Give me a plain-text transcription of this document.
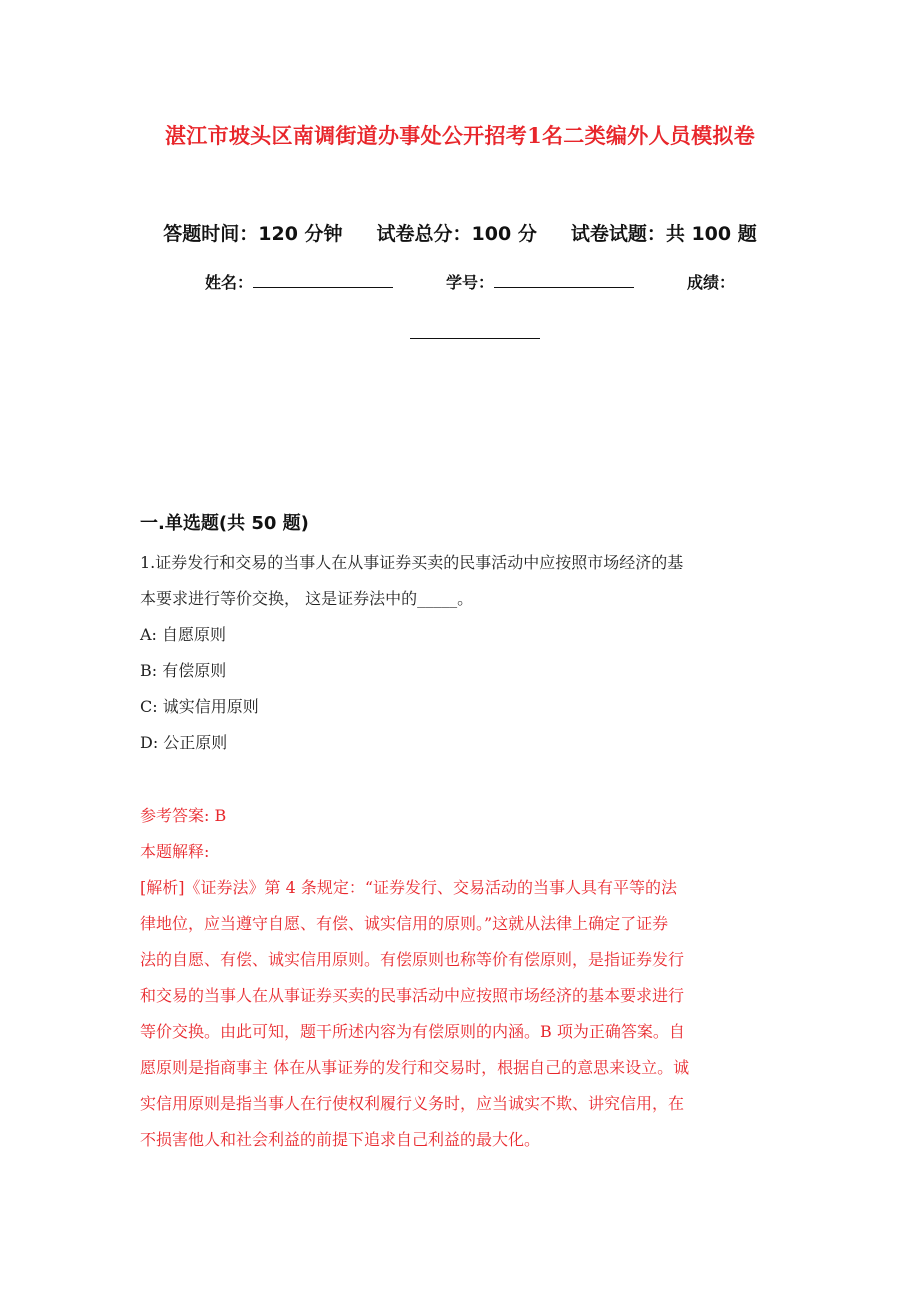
湛江市坡头区南调街道办事处公开招考1名二类编外人员模拟卷
答题时间：120 分钟 试卷总分：100 分 试卷试题：共 100 题
姓名：	学号：	成绩：
一.单选题(共 50 题)
1.证券发行和交易的当事人在从事证券买卖的民事活动中应按照市场经济的基
本要求进行等价交换， 这是证券法中的_____。
A: 自愿原则
B: 有偿原则
C: 诚实信用原则
D: 公正原则
参考答案: B
本题解释:
[解析]《证券法》第 4 条规定：“证券发行、交易活动的当事人具有平等的法
律地位，应当遵守自愿、有偿、诚实信用的原则。”这就从法律上确定了证券
法的自愿、有偿、诚实信用原则。有偿原则也称等价有偿原则，是指证券发行
和交易的当事人在从事证券买卖的民事活动中应按照市场经济的基本要求进行
等价交换。由此可知，题干所述内容为有偿原则的内涵。B 项为正确答案。自
愿原则是指商事主 体在从事证券的发行和交易时，根据自己的意思来设立。诚
实信用原则是指当事人在行使权利履行义务时，应当诚实不欺、讲究信用，在
不损害他人和社会利益的前提下追求自己利益的最大化。
